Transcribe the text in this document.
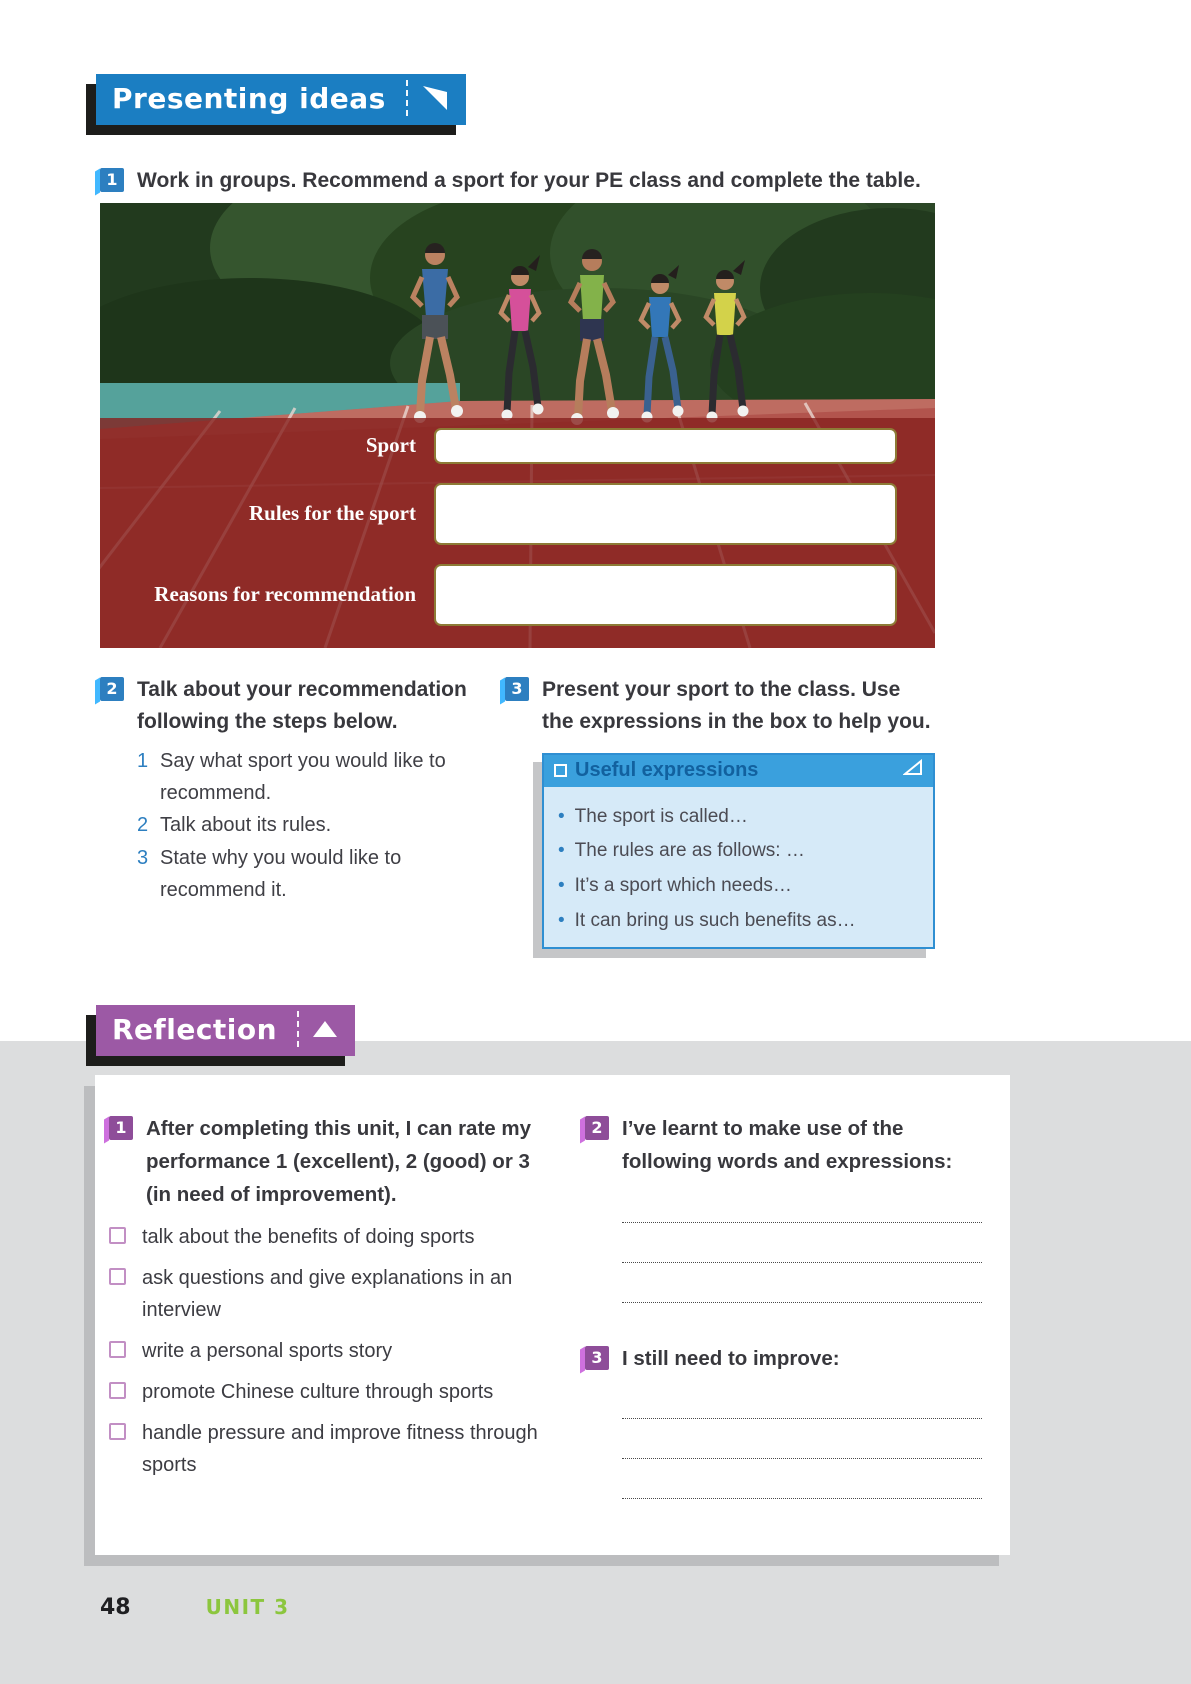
Presenting ideas
1 Work in groups. Recommend a sport for your PE class and complete the table.
Sport
Rules for the sport
Reasons for recommendation
2 Talk about your recommendation following the steps below.
1 Say what sport you would like to recommend.
2 Talk about its rules.
3 State why you would like to recommend it.
3 Present your sport to the class. Use the expressions in the box to help you.
Useful expressions
• The sport is called…
• The rules are as follows: …
• It’s a sport which needs…
• It can bring us such benefits as…
Reflection
1 After completing this unit, I can rate my performance 1 (excellent), 2 (good) or 3 (in need of improvement).
talk about the benefits of doing sports
ask questions and give explanations in an interview
write a personal sports story
promote Chinese culture through sports
handle pressure and improve fitness through sports
2 I’ve learnt to make use of the following words and expressions:
3 I still need to improve:
48	UNIT 3
